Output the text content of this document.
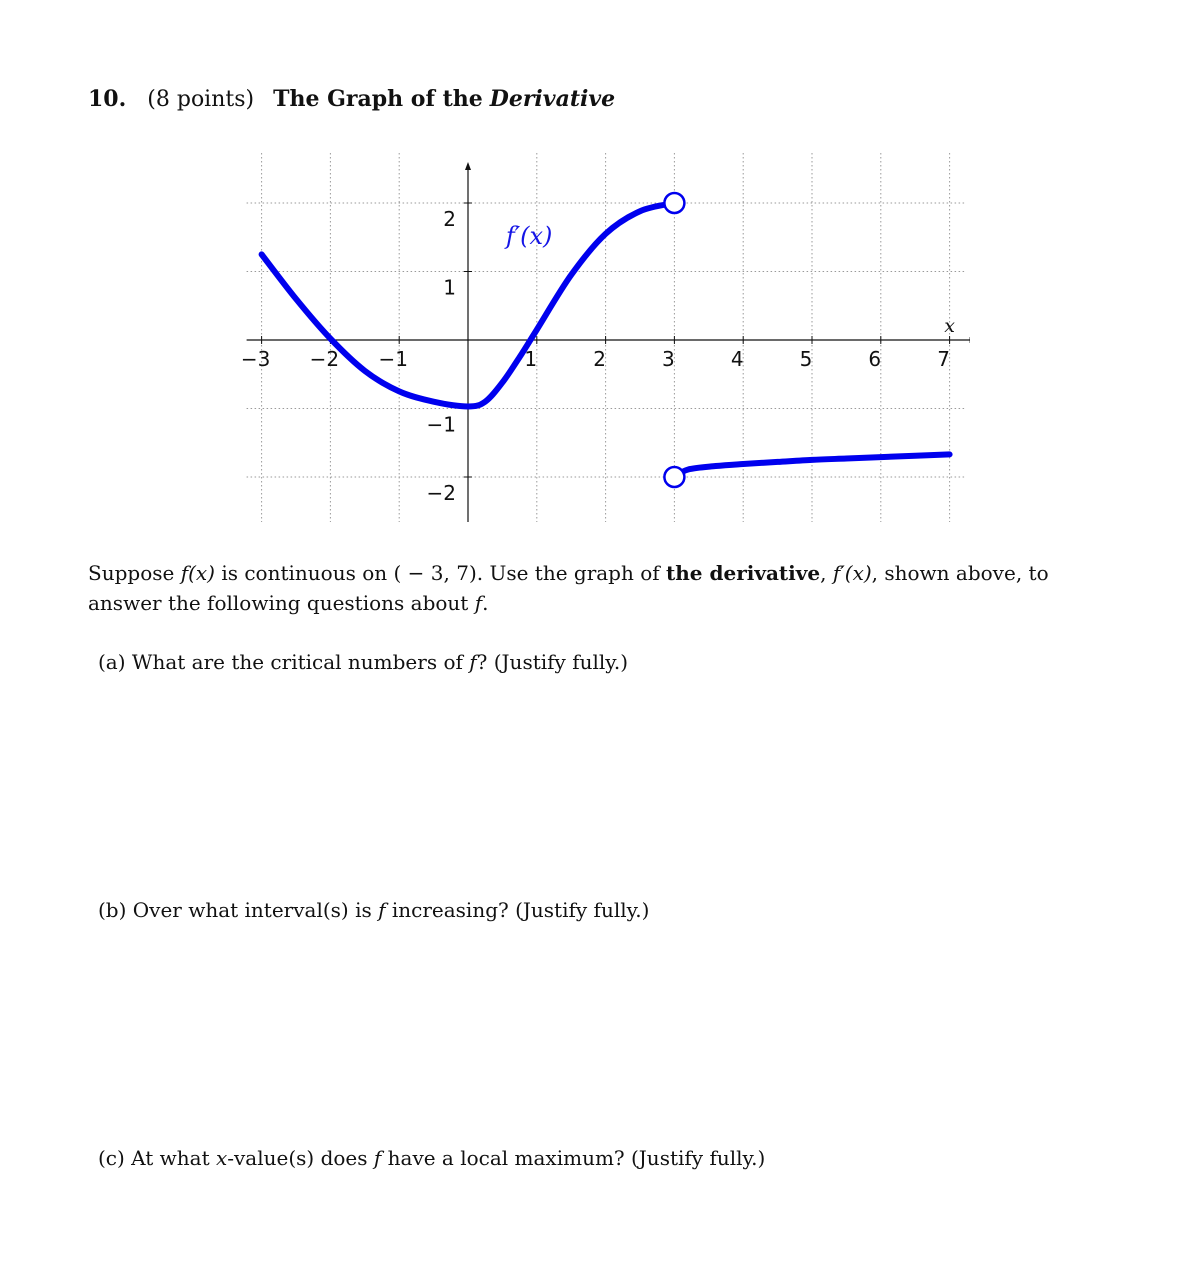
10. (8 points) The Graph of the Derivative
−3 −2 −1	1	2	3	4	5	6	7
2
1
−1
−2
x
f′(x)
Suppose f(x) is continuous on ( − 3, 7). Use the graph of the derivative, f′(x), shown above, to answer the following questions about f.
(a) What are the critical numbers of f? (Justify fully.)
(b) Over what interval(s) is f increasing? (Justify fully.)
(c) At what x-value(s) does f have a local maximum? (Justify fully.)
